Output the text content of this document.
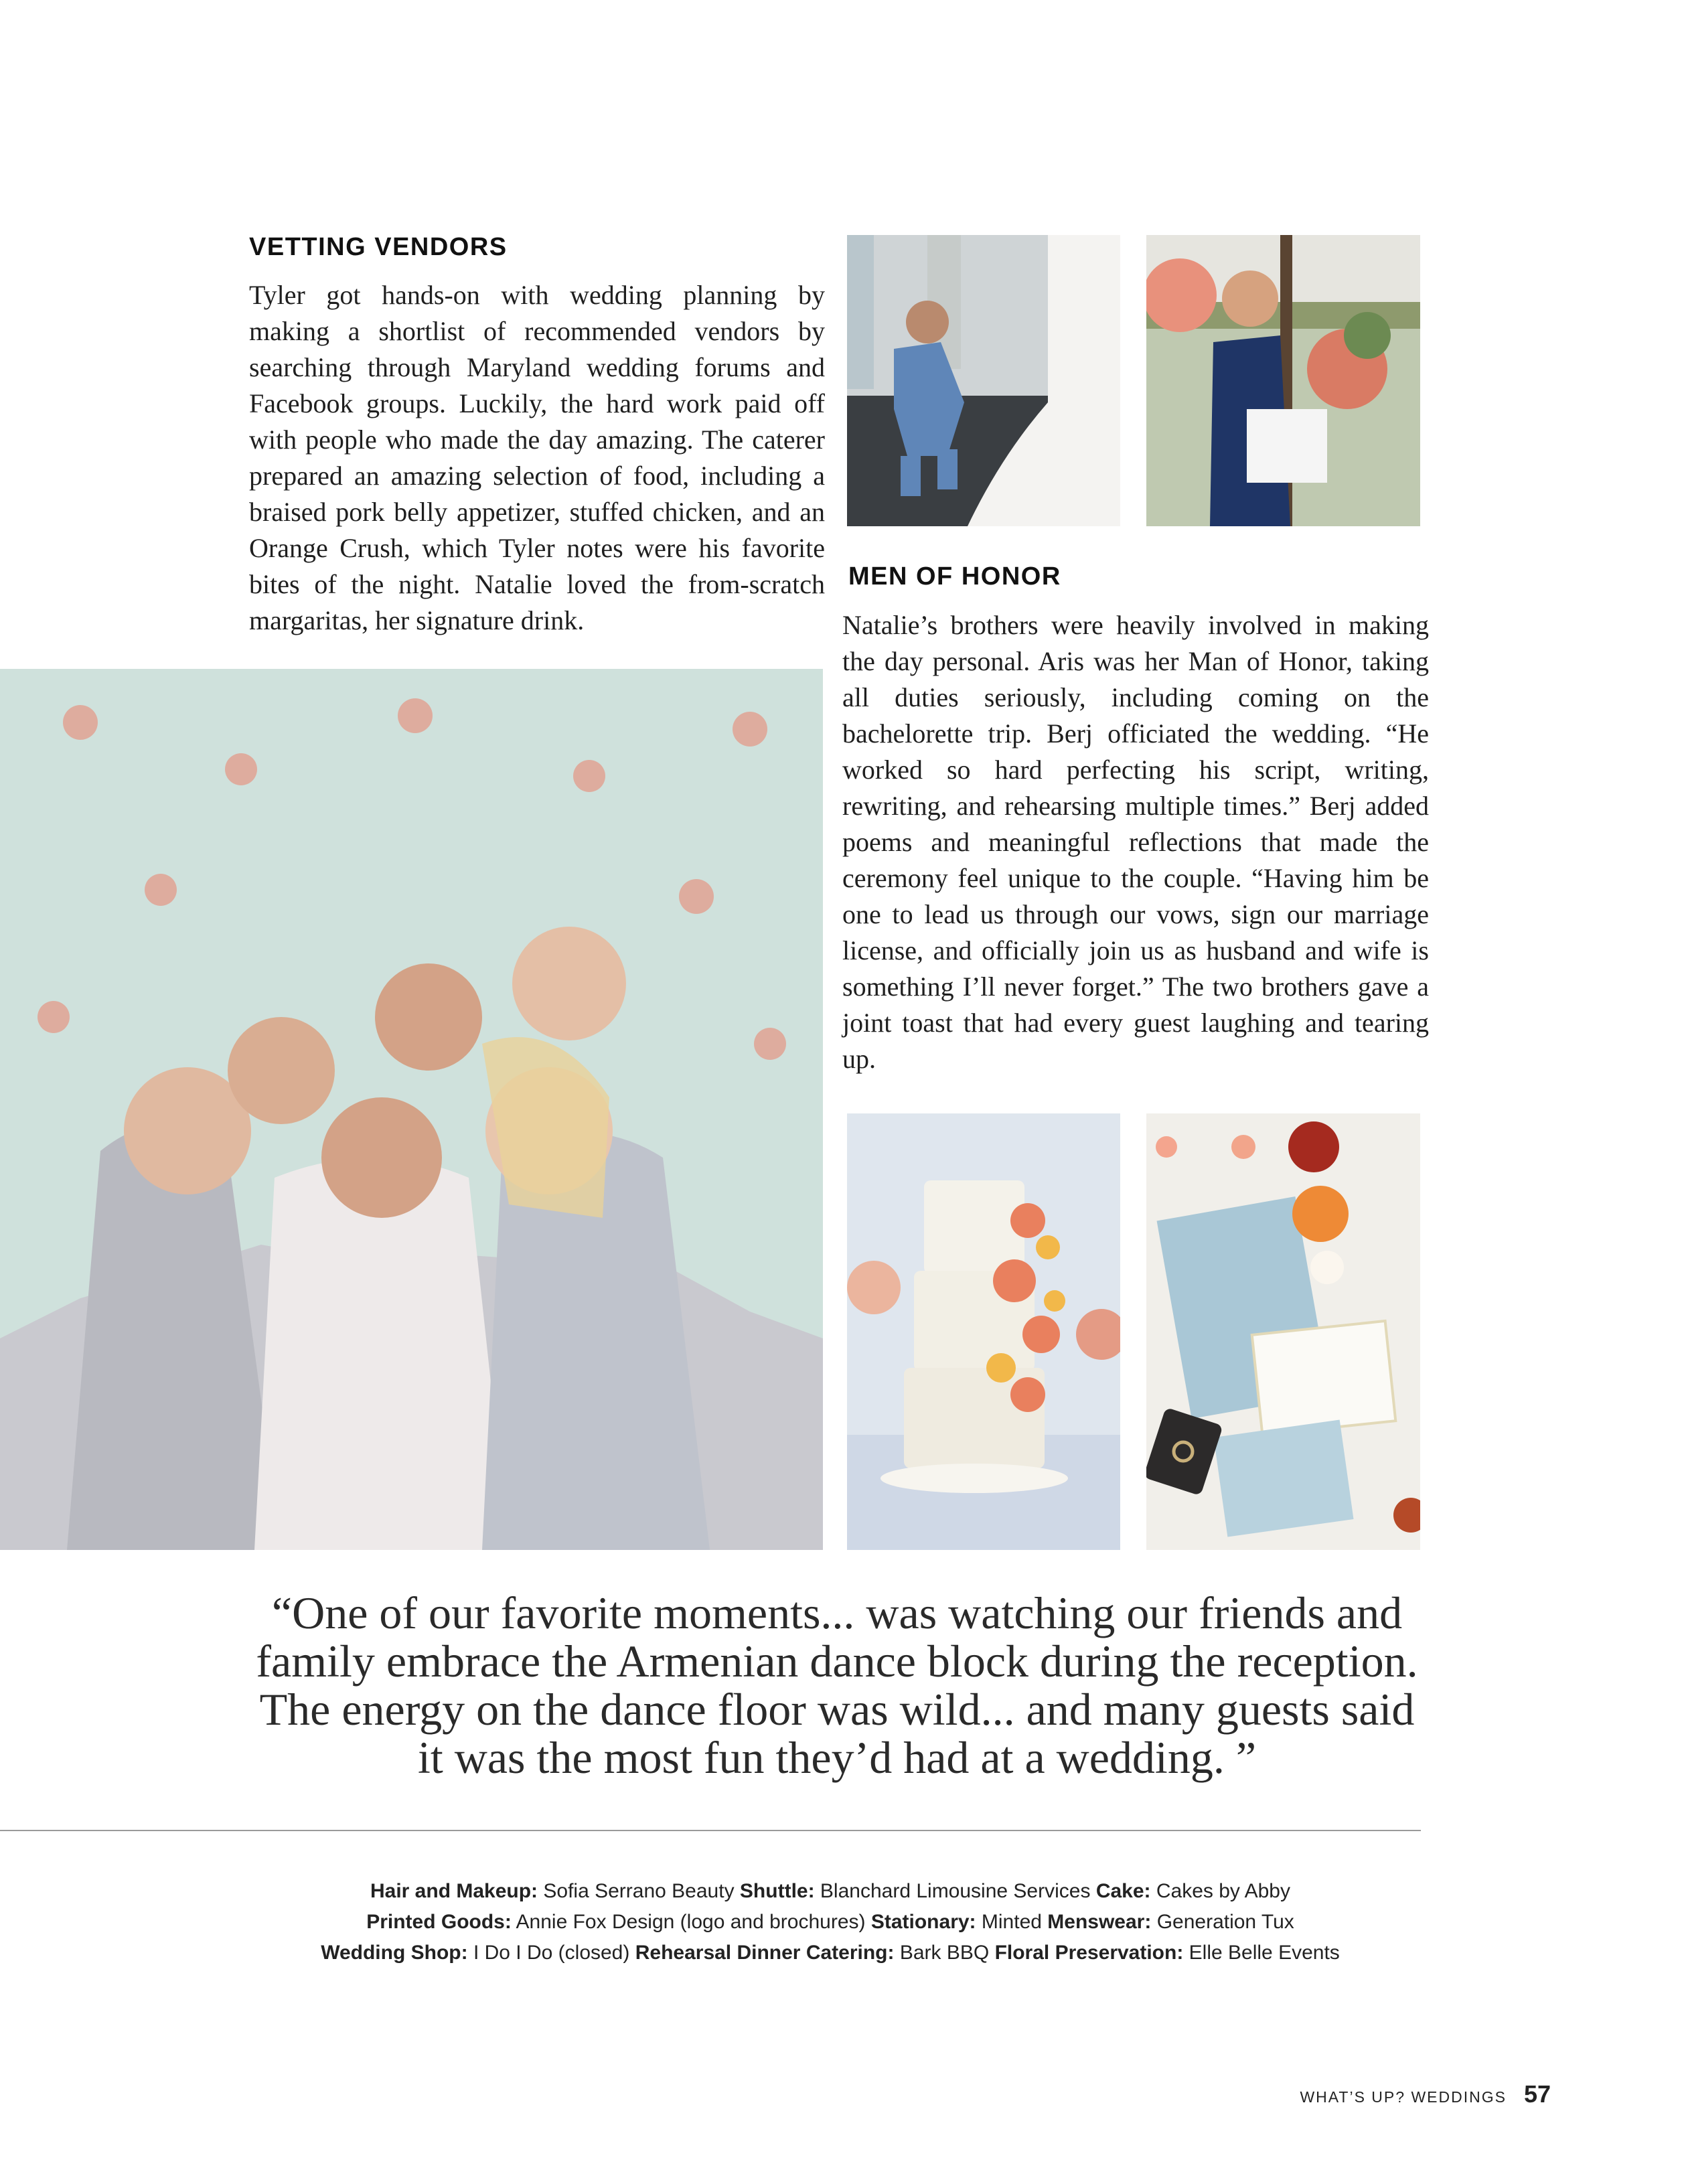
VETTING VENDORS

Tyler got hands-on with wedding planning by making a shortlist of recommended vendors by searching through Maryland wedding forums and Facebook groups. Luckily, the hard work paid off with people who made the day amazing. The caterer prepared an amazing selection of food, including a braised pork belly appetizer, stuffed chicken, and an Orange Crush, which Tyler notes were his favorite bites of the night. Natalie loved the from-scratch margaritas, her signature drink.

MEN OF HONOR

Natalie’s brothers were heavily involved in making the day personal. Aris was her Man of Honor, taking all duties seriously, including coming on the bachelorette trip. Berj officiated the wedding. “He worked so hard perfecting his script, writing, rewriting, and rehearsing multiple times.” Berj added poems and meaningful reflections that made the ceremony feel unique to the couple. “Having him be one to lead us through our vows, sign our marriage license, and officially join us as husband and wife is something I’ll never forget.” The two brothers gave a joint toast that had every guest laughing and tearing up.

“One of our favorite moments... was watching our friends and family embrace the Armenian dance block during the reception. The energy on the dance floor was wild... and many guests said it was the most fun they’d had at a wedding. ”

Hair and Makeup: Sofia Serrano Beauty Shuttle: Blanchard Limousine Services Cake: Cakes by Abby
Printed Goods: Annie Fox Design (logo and brochures) Stationary: Minted Menswear: Generation Tux
Wedding Shop: I Do I Do (closed) Rehearsal Dinner Catering: Bark BBQ Floral Preservation: Elle Belle Events
WHAT’S UP? WEDDINGS 57
